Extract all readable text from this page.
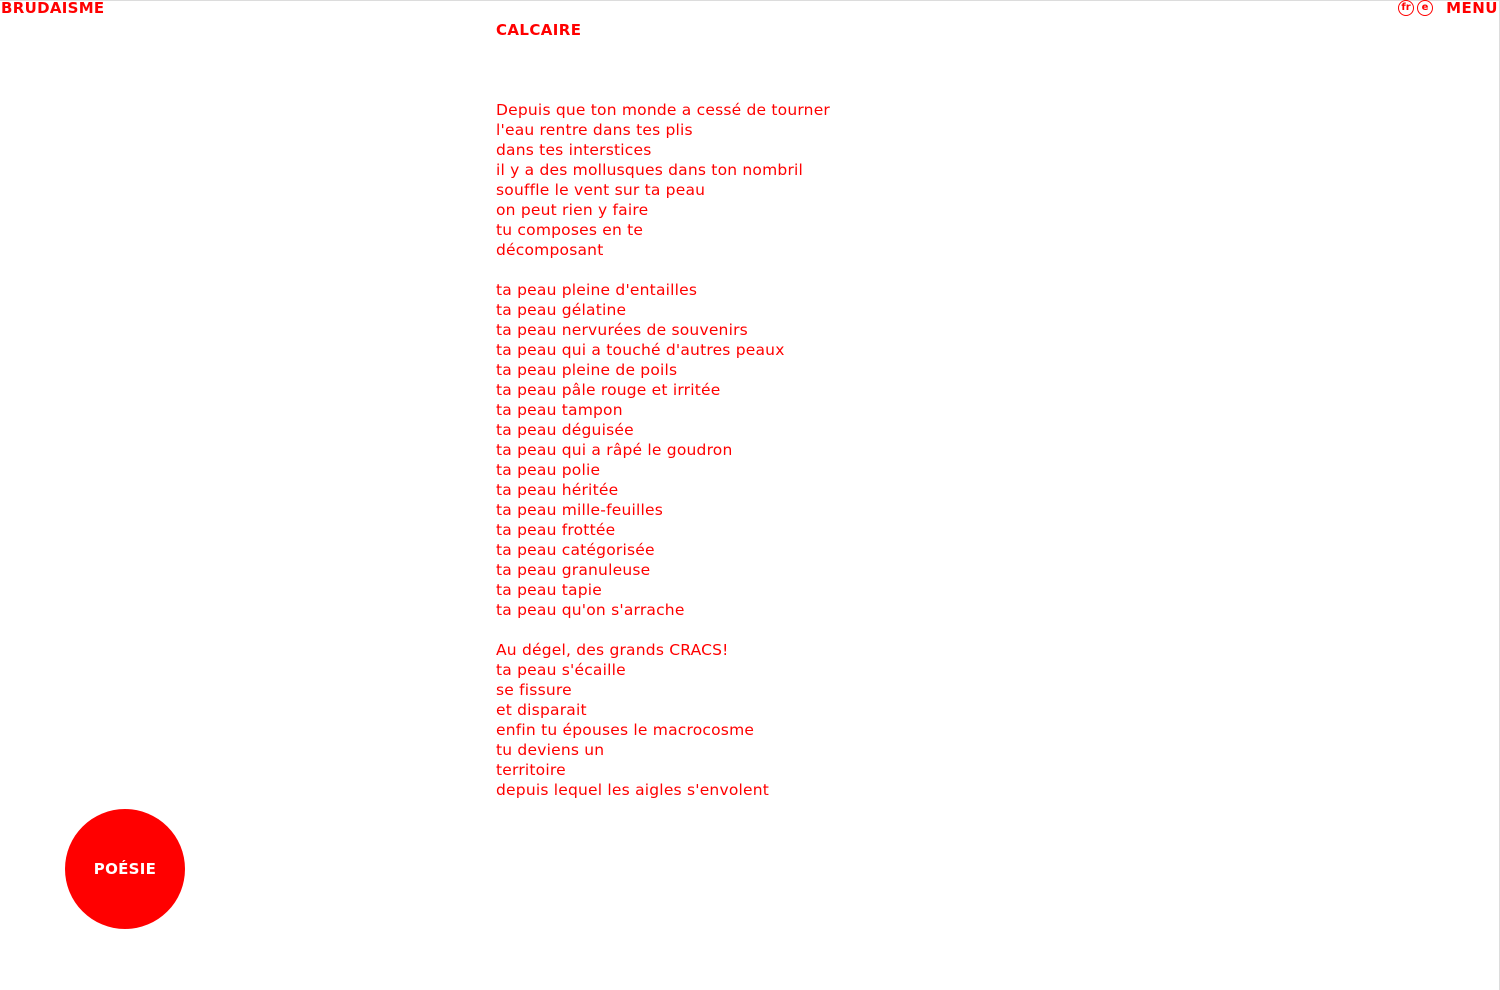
BRUDAISME	fr	e	MENU
CALCAIRE
Depuis que ton monde a cessé de tourner
l'eau rentre dans tes plis
dans tes interstices
il y a des mollusques dans ton nombril
souffle le vent sur ta peau
on peut rien y faire
tu composes en te
décomposant
ta peau pleine d'entailles
ta peau gélatine
ta peau nervurées de souvenirs
ta peau qui a touché d'autres peaux
ta peau pleine de poils
ta peau pâle rouge et irritée
ta peau tampon
ta peau déguisée
ta peau qui a râpé le goudron
ta peau polie
ta peau héritée
ta peau mille-feuilles
ta peau frottée
ta peau catégorisée
ta peau granuleuse
ta peau tapie
ta peau qu'on s'arrache
Au dégel, des grands CRACS!
ta peau s'écaille
se fissure
et disparait
enfin tu épouses le macrocosme
tu deviens un
territoire
depuis lequel les aigles s'envolent
POÉSIE
